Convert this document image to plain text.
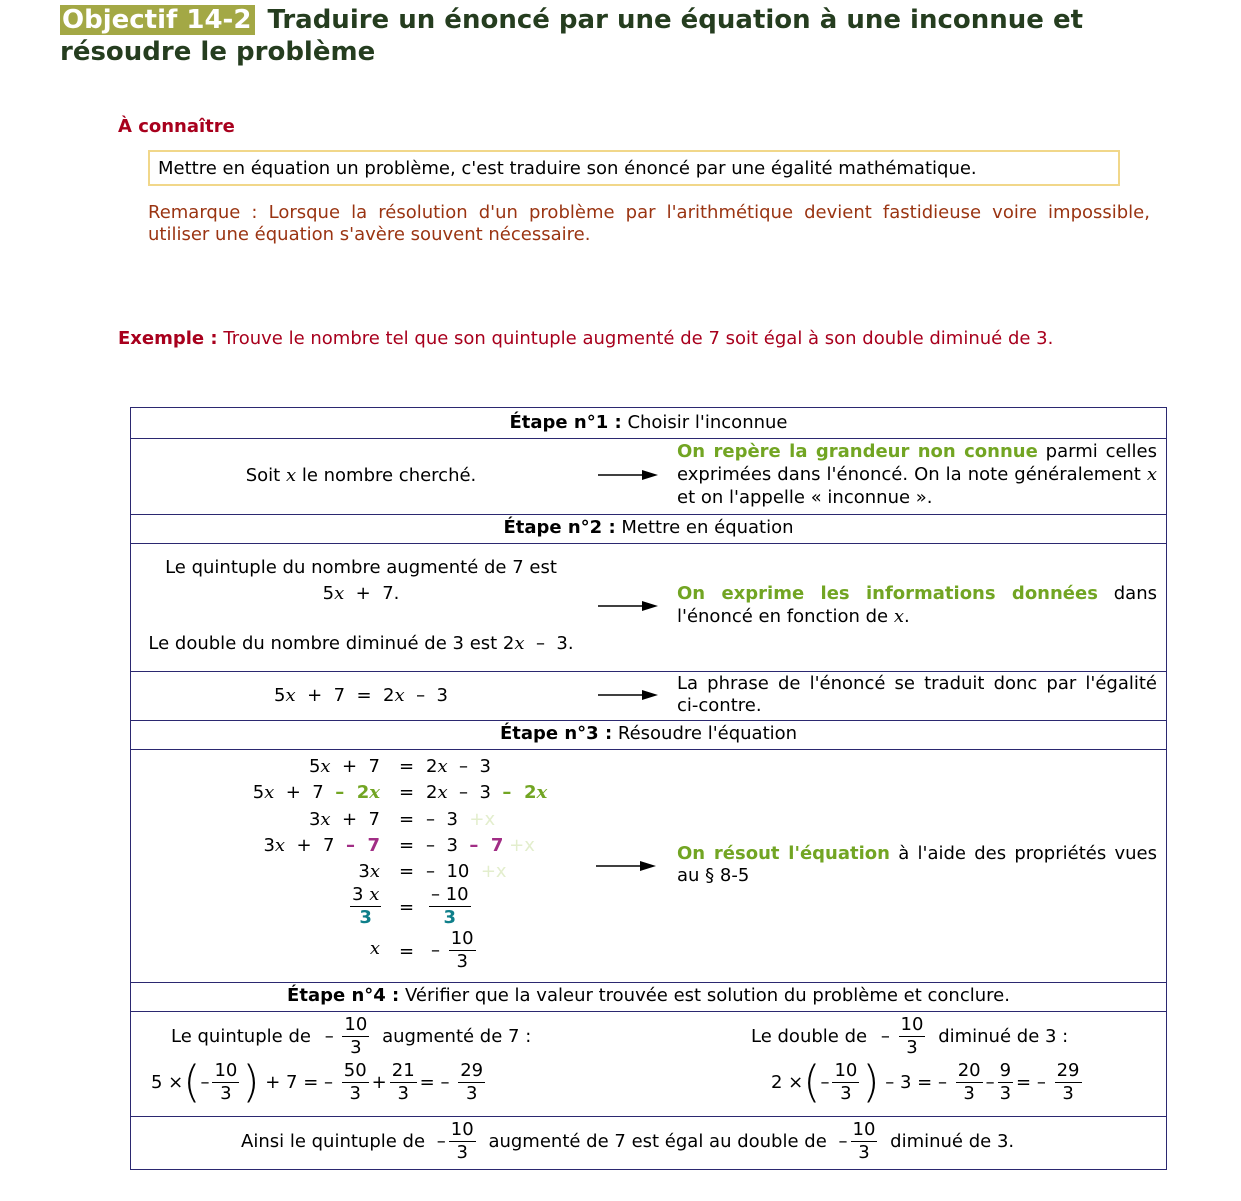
Objectif 14-2 Traduire un énoncé par une équation à une inconnue et résoudre le problème
À connaître
Mettre en équation un problème, c'est traduire son énoncé par une égalité mathématique.
Remarque : Lorsque la résolution d'un problème par l'arithmétique devient fastidieuse voire impossible, utiliser une équation s'avère souvent nécessaire.
Exemple : Trouve le nombre tel que son quintuple augmenté de 7 soit égal à son double diminué de 3.
Étape n°1 : Choisir l'inconnue
Soit x le nombre cherché.
On repère la grandeur non connue parmi celles exprimées dans l'énoncé. On la note généralement x et on l'appelle « inconnue ».
Étape n°2 : Mettre en équation
Le quintuple du nombre augmenté de 7 est
5x  +  7.
Le double du nombre diminué de 3 est 2x  –  3.
On exprime les informations données dans l'énoncé en fonction de x.
5x  +  7  =  2x  –  3
La phrase de l'énoncé se traduit donc par l'égalité ci-contre.
Étape n°3 : Résoudre l'équation
5x  +  7 = 2x  –  3
5x  +  7  –  2x = 2x  –  3  –  2x
3x  +  7 = –  3 +x
3x  +  7  –  7 = –  3  –  7 +x
3x = –  10 +x
$\frac{3 x}{3} = \frac{- 10}{3}$
x = – $\frac{10}{3}$
On résout l'équation à l'aide des propriétés vues au § 8-5
Étape n°4 : Vérifier que la valeur trouvée est solution du problème et conclure.
Le quintuple de – $\frac{10}{3}$ augmenté de 7 :	Le double de – $\frac{10}{3}$ diminué de 3 :
5 ×(– $\frac{10}{3}$ ) + 7 = – $\frac{50}{3} + \frac{21}{3}$ = – $\frac{29}{3}$	2 ×(– $\frac{10}{3}$ ) – 3 = – $\frac{20}{3} - \frac{9}{3}$ = – $\frac{29}{3}$
Ainsi le quintuple de – $\frac{10}{3}$ augmenté de 7 est égal au double de – $\frac{10}{3}$ diminué de 3.
